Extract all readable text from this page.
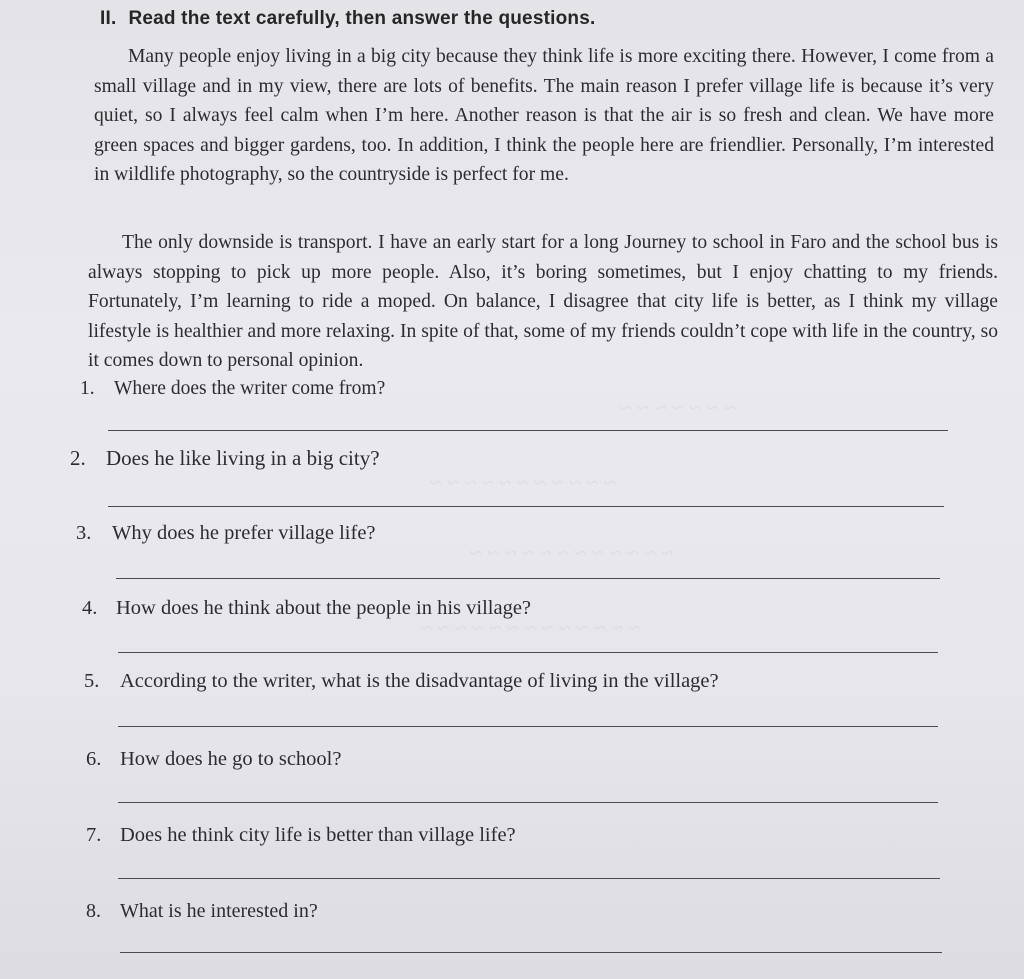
~ ~ ~ ~ ~ ~ ~
~ ~ ~ ~ ~ ~ ~ ~ ~ ~ ~
~ ~ ~ ~ ~ ~ ~ ~ ~ ~ ~ ~
~ ~ ~ ~ ~ ~ ~ ~ ~ ~ ~ ~ ~
II. Read the text carefully, then answer the questions.
Many people enjoy living in a big city because they think life is more exciting there. However, I come from a small village and in my view, there are lots of benefits. The main reason I prefer village life is because it’s very quiet, so I always feel calm when I’m here. Another reason is that the air is so fresh and clean. We have more green spaces and bigger gardens, too. In addition, I think the people here are friendlier. Personally, I’m interested in wildlife photography, so the countryside is perfect for me.
The only downside is transport. I have an early start for a long Journey to school in Faro and the school bus is always stopping to pick up more people. Also, it’s boring sometimes, but I enjoy chatting to my friends. Fortunately, I’m learning to ride a moped. On balance, I disagree that city life is better, as I think my village lifestyle is healthier and more relaxing. In spite of that, some of my friends couldn’t cope with life in the country, so it comes down to personal opinion.
1. Where does the writer come from?
2. Does he like living in a big city?
3. Why does he prefer village life?
4. How does he think about the people in his village?
5. According to the writer, what is the disadvantage of living in the village?
6. How does he go to school?
7. Does he think city life is better than village life?
8. What is he interested in?
